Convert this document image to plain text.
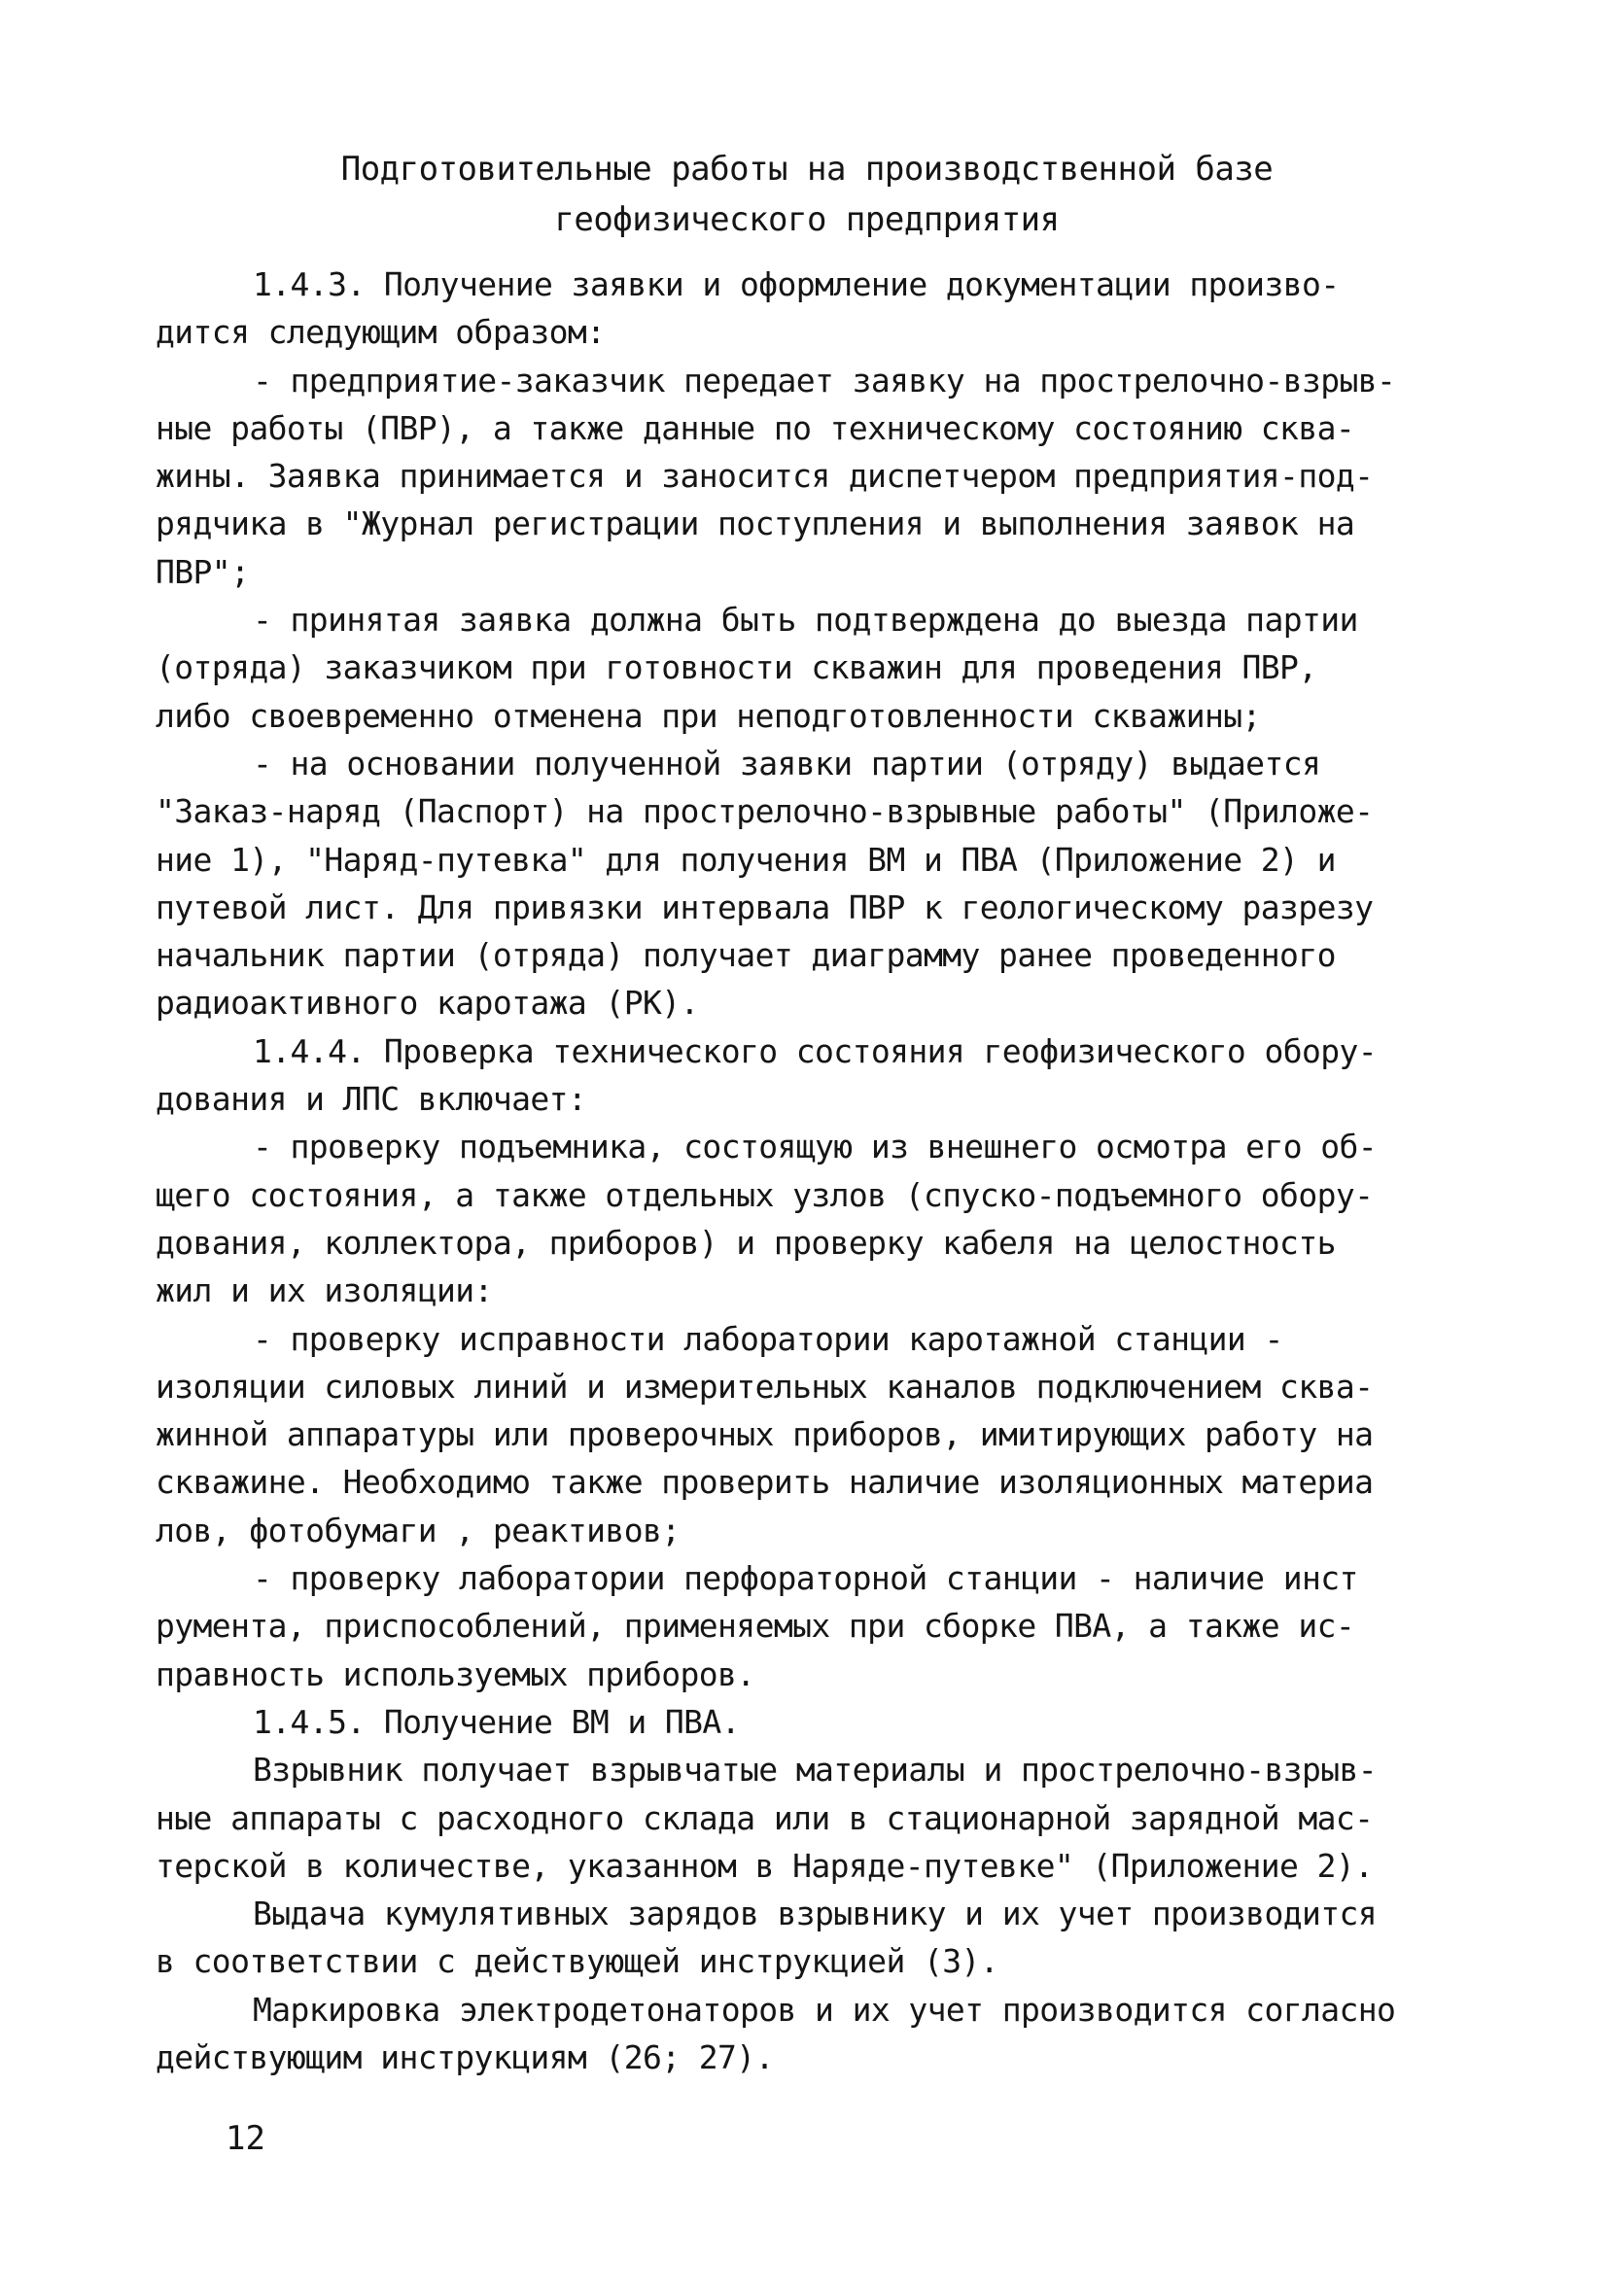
Подготовительные работы на производственной базе
геофизического предприятия
1.4.3. Получение заявки и оформление документации произво-
дится следующим образом:
- предприятие-заказчик передает заявку на прострелочно-взрыв-
ные работы (ПВР), а также данные по техническому состоянию сква-
жины. Заявка принимается и заносится диспетчером предприятия-под-
рядчика в "Журнал регистрации поступления и выполнения заявок на
ПВР";
- принятая заявка должна быть подтверждена до выезда партии
(отряда) заказчиком при готовности скважин для проведения ПВР,
либо своевременно отменена при неподготовленности скважины;
- на основании полученной заявки партии (отряду) выдается
"Заказ-наряд (Паспорт) на прострелочно-взрывные работы" (Приложе-
ние 1), "Наряд-путевка" для получения ВМ и ПВА (Приложение 2) и
путевой лист. Для привязки интервала ПВР к геологическому разрезу
начальник партии (отряда) получает диаграмму ранее проведенного
радиоактивного каротажа (РК).
1.4.4. Проверка технического состояния геофизического обору-
дования и ЛПС включает:
- проверку подъемника, состоящую из внешнего осмотра его об-
щего состояния, а также отдельных узлов (спуско-подъемного обору-
дования, коллектора, приборов) и проверку кабеля на целостность
жил и их изоляции:
- проверку исправности лаборатории каротажной станции -
изоляции силовых линий и измерительных каналов подключением сква-
жинной аппаратуры или проверочных приборов, имитирующих работу на
скважине. Необходимо также проверить наличие изоляционных материа
лов, фотобумаги , реактивов;
- проверку лаборатории перфораторной станции - наличие инст
румента, приспособлений, применяемых при сборке ПВА, а также ис-
правность используемых приборов.
1.4.5. Получение ВМ и ПВА.
Взрывник получает взрывчатые материалы и прострелочно-взрыв-
ные аппараты с расходного склада или в стационарной зарядной мас-
терской в количестве, указанном в Наряде-путевке" (Приложение 2).
Выдача кумулятивных зарядов взрывнику и их учет производится
в соответствии с действующей инструкцией (3).
Маркировка электродетонаторов и их учет производится согласно
действующим инструкциям (26; 27).
12
